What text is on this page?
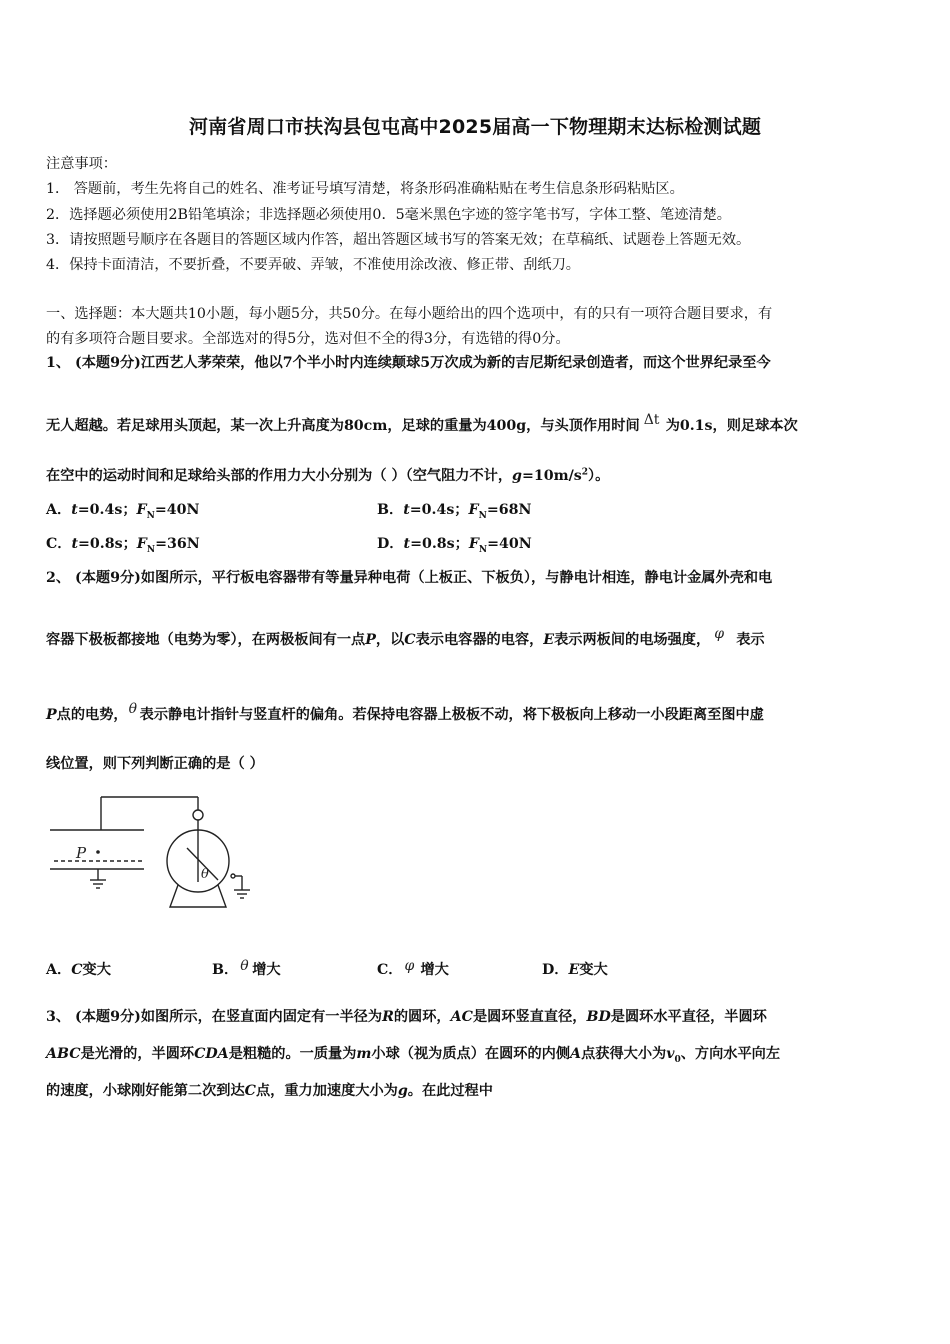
河南省周口市扶沟县包屯高中2025届高一下物理期末达标检测试题
注意事项：
1． 答题前，考生先将自己的姓名、准考证号填写清楚，将条形码准确粘贴在考生信息条形码粘贴区。
2．选择题必须使用2B铅笔填涂；非选择题必须使用0．5毫米黑色字迹的签字笔书写，字体工整、笔迹清楚。
3．请按照题号顺序在各题目的答题区域内作答，超出答题区域书写的答案无效；在草稿纸、试题卷上答题无效。
4．保持卡面清洁，不要折叠，不要弄破、弄皱，不准使用涂改液、修正带、刮纸刀。
一、选择题：本大题共10小题，每小题5分，共50分。在每小题给出的四个选项中，有的只有一项符合题目要求，有
的有多项符合题目要求。全部选对的得5分，选对但不全的得3分，有选错的得0分。
1、 (本题9分)江西艺人茅荣荣，他以7个半小时内连续颠球5万次成为新的吉尼斯纪录创造者，而这个世界纪录至今
无人超越。若足球用头顶起，某一次上升高度为80cm，足球的重量为400g，与头顶作用时间 Δt 为0.1s，则足球本次
在空中的运动时间和足球给头部的作用力大小分别为（ ）（空气阻力不计，$g=10m/s^2$）。
A．t=0.4s；$F_N=40N$	B．t=0.4s；$F_N=68N$
C．t=0.8s；$F_N=36N$	D．t=0.8s；$F_N=40N$
2、 (本题9分)如图所示，平行板电容器带有等量异种电荷（上板正、下板负），与静电计相连，静电计金属外壳和电
容器下极板都接地（电势为零），在两极板间有一点P，以C表示电容器的电容，E表示两板间的电场强度， φ 表示
P点的电势， θ 表示静电计指针与竖直杆的偏角。若保持电容器上极板不动，将下极板向上移动一小段距离至图中虚
线位置，则下列判断正确的是（ ）
P
θ
A．C变大	B． θ 增大	C． φ 增大	D．E变大
3、 (本题9分)如图所示，在竖直面内固定有一半径为R的圆环，AC是圆环竖直直径，BD是圆环水平直径，半圆环
ABC是光滑的，半圆环CDA是粗糙的。一质量为m小球（视为质点）在圆环的内侧A点获得大小为$v_0$、方向水平向左
的速度，小球刚好能第二次到达C点，重力加速度大小为g。在此过程中
